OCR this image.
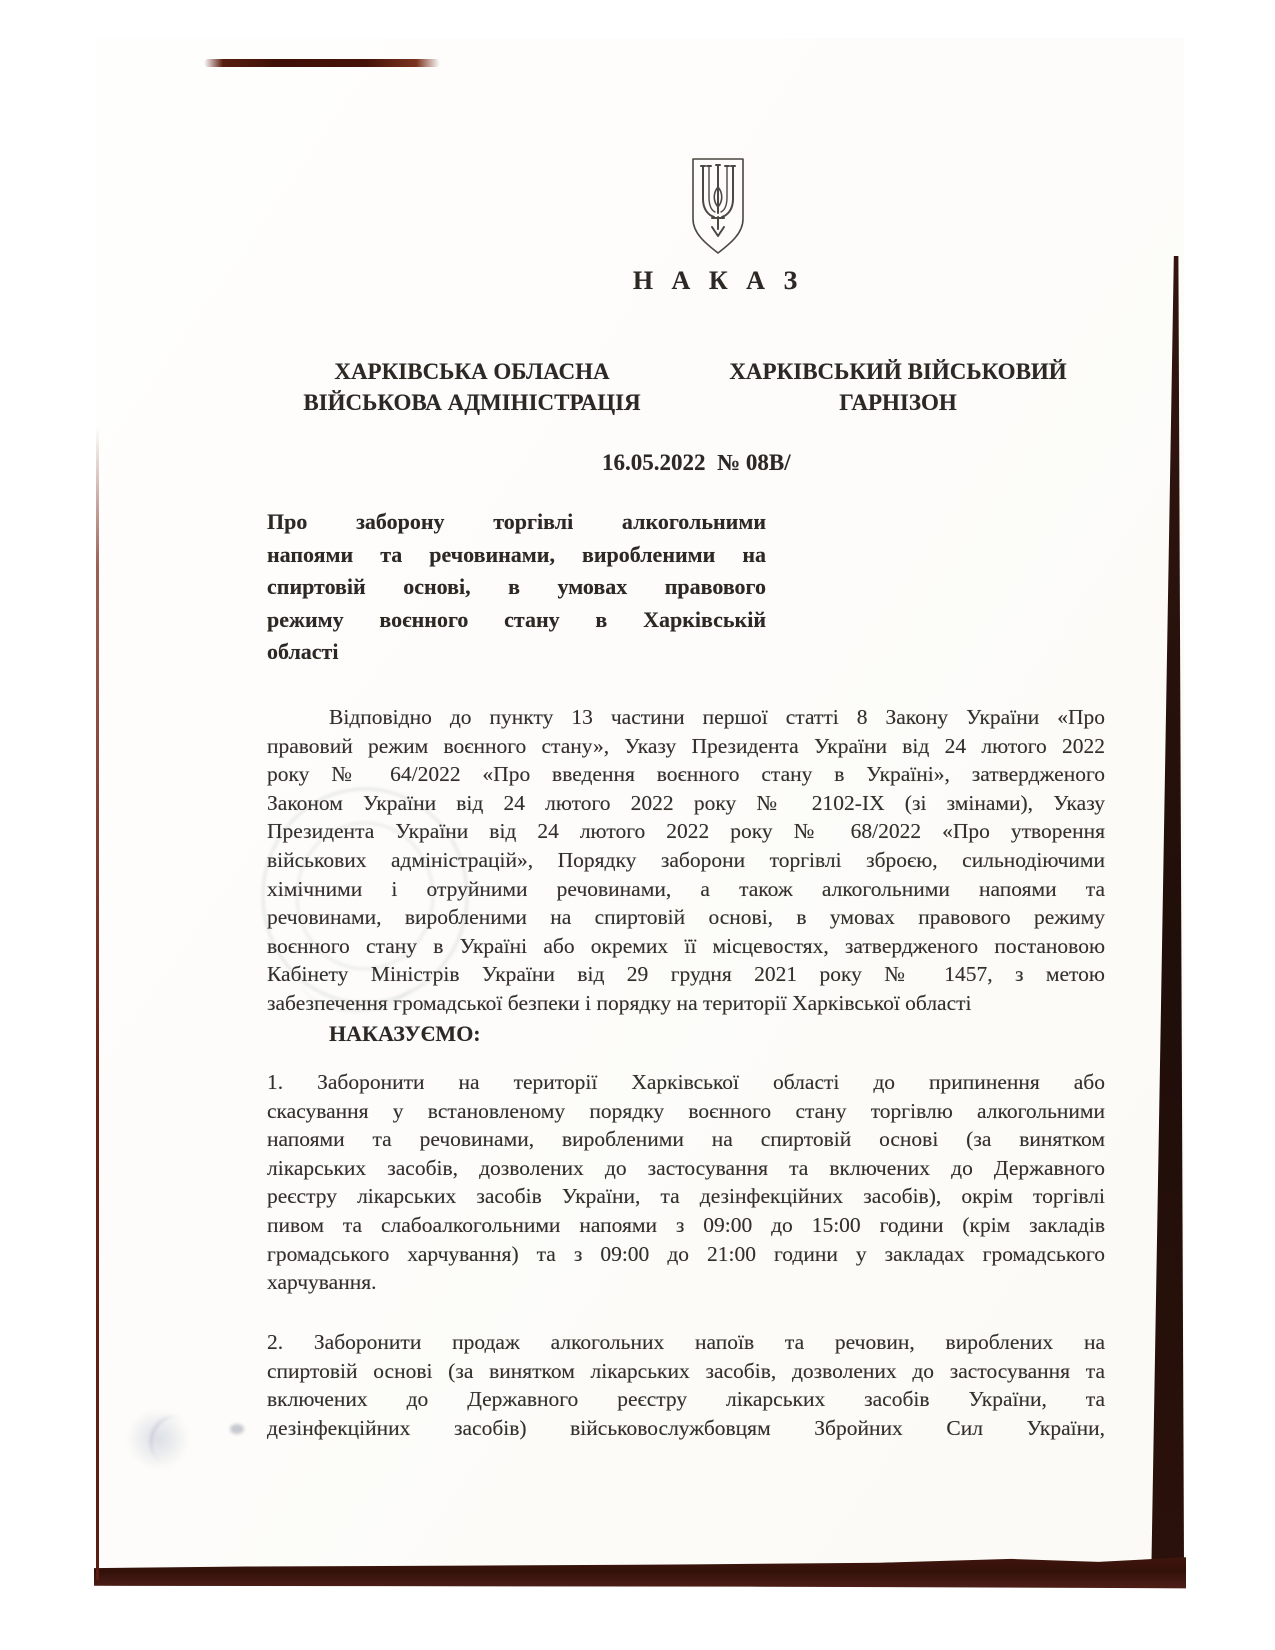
Н А К А З
ХАРКІВСЬКА ОБЛАСНА
ВІЙСЬКОВА АДМІНІСТРАЦІЯ
ХАРКІВСЬКИЙ ВІЙСЬКОВИЙ
ГАРНІЗОН
16.05.2022  № 08В/
Про заборону торгівлі алкогольними
напоями та речовинами, виробленими на
спиртовій основі, в умовах правового
режиму воєнного стану в Харківській
області
Відповідно до пункту 13 частини першої статті 8 Закону України «Про
правовий режим воєнного стану», Указу Президента України від 24 лютого 2022
року № 64/2022 «Про введення воєнного стану в Україні», затвердженого
Законом України від 24 лютого 2022 року № 2102-ІХ (зі змінами), Указу
Президента України від 24 лютого 2022 року № 68/2022 «Про утворення
військових адміністрацій», Порядку заборони торгівлі зброєю, сильнодіючими
хімічними і отруйними речовинами, а також алкогольними напоями та
речовинами, виробленими на спиртовій основі, в умовах правового режиму
воєнного стану в Україні або окремих її місцевостях, затвердженого постановою
Кабінету Міністрів України від 29 грудня 2021 року № 1457, з метою
забезпечення громадської безпеки і порядку на території Харківської області
НАКАЗУЄМО:
1. Заборонити на території Харківської області до припинення або
скасування у встановленому порядку воєнного стану торгівлю алкогольними
напоями та речовинами, виробленими на спиртовій основі (за винятком
лікарських засобів, дозволених до застосування та включених до Державного
реєстру лікарських засобів України, та дезінфекційних засобів), окрім торгівлі
пивом та слабоалкогольними напоями з 09:00 до 15:00 години (крім закладів
громадського харчування) та з 09:00 до 21:00 години у закладах громадського
харчування.
2. Заборонити продаж алкогольних напоїв та речовин, вироблених на
спиртовій основі (за винятком лікарських засобів, дозволених до застосування та
включених до Державного реєстру лікарських засобів України, та
дезінфекційних засобів) військовослужбовцям Збройних Сил України,
